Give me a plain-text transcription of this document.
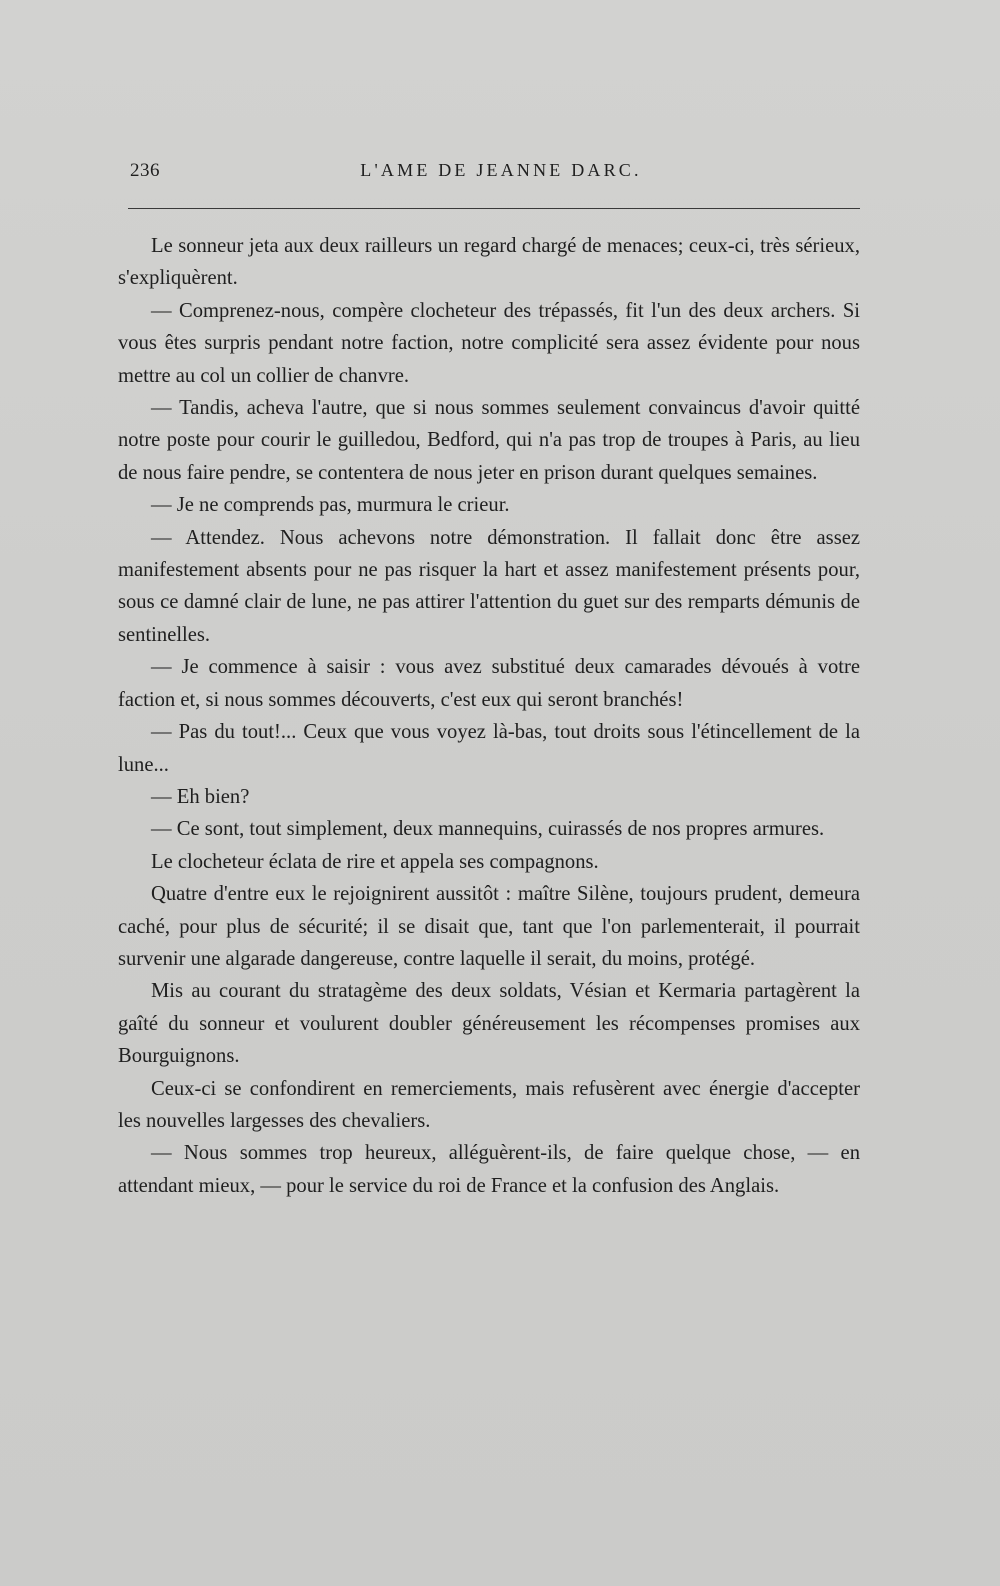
236	L'AME DE JEANNE DARC.

Le sonneur jeta aux deux railleurs un regard chargé de menaces; ceux-ci, très sérieux, s'expliquèrent.

— Comprenez-nous, compère clocheteur des trépassés, fit l'un des deux archers. Si vous êtes surpris pendant notre faction, notre complicité sera assez évidente pour nous mettre au col un collier de chanvre.

— Tandis, acheva l'autre, que si nous sommes seulement convaincus d'avoir quitté notre poste pour courir le guilledou, Bedford, qui n'a pas trop de troupes à Paris, au lieu de nous faire pendre, se contentera de nous jeter en prison durant quelques semaines.

— Je ne comprends pas, murmura le crieur.

— Attendez. Nous achevons notre démonstration. Il fallait donc être assez manifestement absents pour ne pas risquer la hart et assez manifestement présents pour, sous ce damné clair de lune, ne pas attirer l'attention du guet sur des remparts démunis de sentinelles.

— Je commence à saisir : vous avez substitué deux camarades dévoués à votre faction et, si nous sommes découverts, c'est eux qui seront branchés!

— Pas du tout!... Ceux que vous voyez là-bas, tout droits sous l'étincellement de la lune...

— Eh bien?

— Ce sont, tout simplement, deux mannequins, cuirassés de nos propres armures.

Le clocheteur éclata de rire et appela ses compagnons.

Quatre d'entre eux le rejoignirent aussitôt : maître Silène, toujours prudent, demeura caché, pour plus de sécurité; il se disait que, tant que l'on parlementerait, il pourrait survenir une algarade dangereuse, contre laquelle il serait, du moins, protégé.

Mis au courant du stratagème des deux soldats, Vésian et Kermaria partagèrent la gaîté du sonneur et voulurent doubler généreusement les récompenses promises aux Bourguignons.

Ceux-ci se confondirent en remerciements, mais refusèrent avec énergie d'accepter les nouvelles largesses des chevaliers.

— Nous sommes trop heureux, alléguèrent-ils, de faire quelque chose, — en attendant mieux, — pour le service du roi de France et la confusion des Anglais.
